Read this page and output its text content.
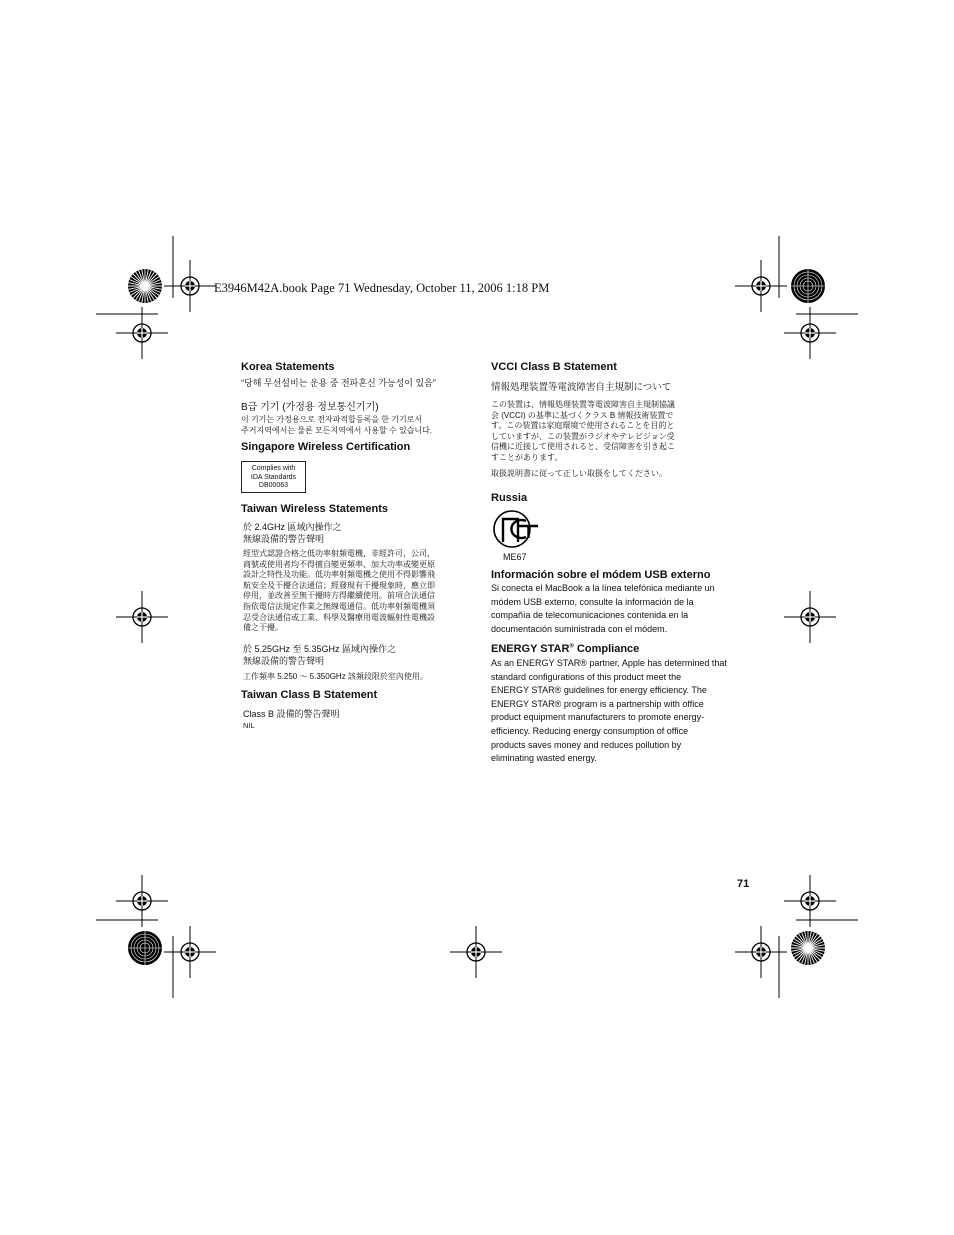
E3946M42A.book Page 71 Wednesday, October 11, 2006 1:18 PM
Korea Statements
“당해 무선설비는 운용 중 전파혼신 가능성이 있음”
B급 기기 (가정용 정보통신기기)
이 기기는 가정용으로 전자파적합등록을 한 기기로서
주거지역에서는 물론 모든지역에서 사용할 수 있습니다.
Singapore Wireless Certification
Complies with
IDA Standards
DB00063
Taiwan Wireless Statements
於 2.4GHz 區域內操作之
無線設備的警告聲明
經型式認證合格之低功率射頻電機，非經許可，公司，
商號或使用者均不得擅自變更頻率、加大功率或變更原
設計之特性及功能。低功率射頻電機之使用不得影響飛
航安全及干擾合法通信；經發現有干擾現象時，應立即
停用，並改善至無干擾時方得繼續使用。前項合法通信
指依電信法規定作業之無線電通信。低功率射頻電機須
忍受合法通信或工業、科學及醫療用電波輻射性電機設
備之干擾。
於 5.25GHz 至 5.35GHz 區域內操作之
無線設備的警告聲明
工作頻率 5.250 ～ 5.350GHz 該頻段限於室內使用。
Taiwan Class B Statement
Class B 設備的警告聲明
NIL
VCCI Class B Statement
情報処理装置等電波障害自主規制について
この装置は、情報処理装置等電波障害自主規制協議
会 (VCCI) の基準に基づくクラス B 情報技術装置で
す。この装置は家庭環境で使用されることを目的と
していますが、この装置がラジオやテレビジョン受
信機に近接して使用されると、受信障害を引き起こ
すことがあります。
取扱説明書に従って正しい取扱をしてください。
Russia
ME67
Información sobre el módem USB externo
Si conecta el MacBook a la línea telefónica mediante un
módem USB externo, consulte la información de la
compañía de telecomunicaciones contenida en la
documentación suministrada con el módem.
ENERGY STAR® Compliance
As an ENERGY STAR® partner, Apple has determined that
standard configurations of this product meet the
ENERGY STAR® guidelines for energy efficiency. The
ENERGY STAR® program is a partnership with office
product equipment manufacturers to promote energy-
efficiency. Reducing energy consumption of office
products saves money and reduces pollution by
eliminating wasted energy.
71
